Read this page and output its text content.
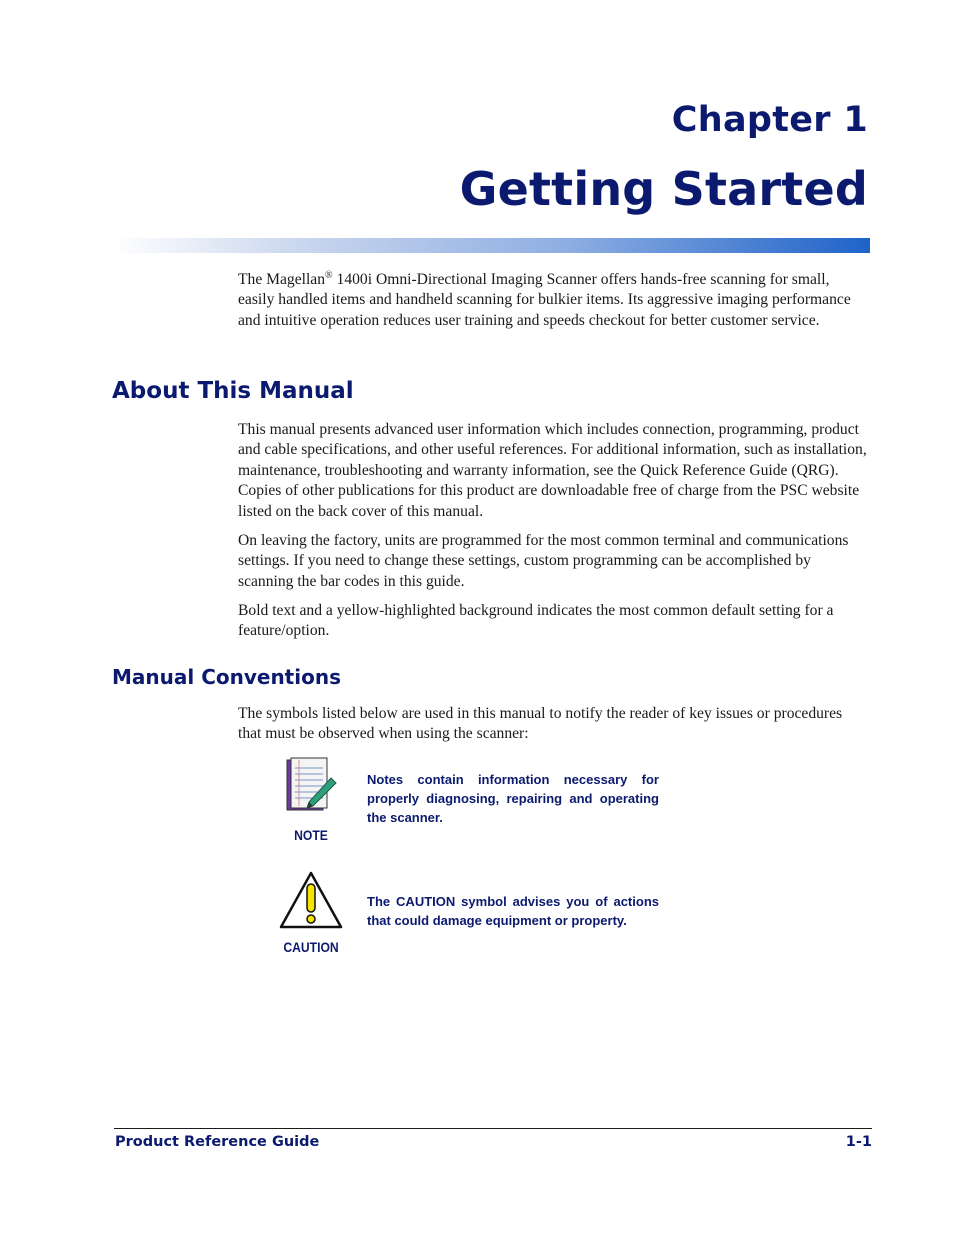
Chapter 1
Getting Started

The Magellan® 1400i Omni-Directional Imaging Scanner offers hands-free scanning for small, easily handled items and handheld scanning for bulkier items. Its aggressive imaging performance and intuitive operation reduces user training and speeds checkout for better customer service.

About This Manual

This manual presents advanced user information which includes connection, programming, product and cable specifications, and other useful references. For additional information, such as installation, maintenance, troubleshooting and warranty information, see the Quick Reference Guide (QRG). Copies of other publications for this product are downloadable free of charge from the PSC website listed on the back cover of this manual.

On leaving the factory, units are programmed for the most common terminal and communications settings. If you need to change these settings, custom programming can be accomplished by scanning the bar codes in this guide.

Bold text and a yellow-highlighted background indicates the most common default setting for a feature/option.

Manual Conventions

The symbols listed below are used in this manual to notify the reader of key issues or procedures that must be observed when using the scanner:

NOTE

Notes contain information necessary for properly diagnosing, repairing and operating the scanner.

CAUTION

The CAUTION symbol advises you of actions that could damage equipment or property.

Product Reference Guide	1-1
